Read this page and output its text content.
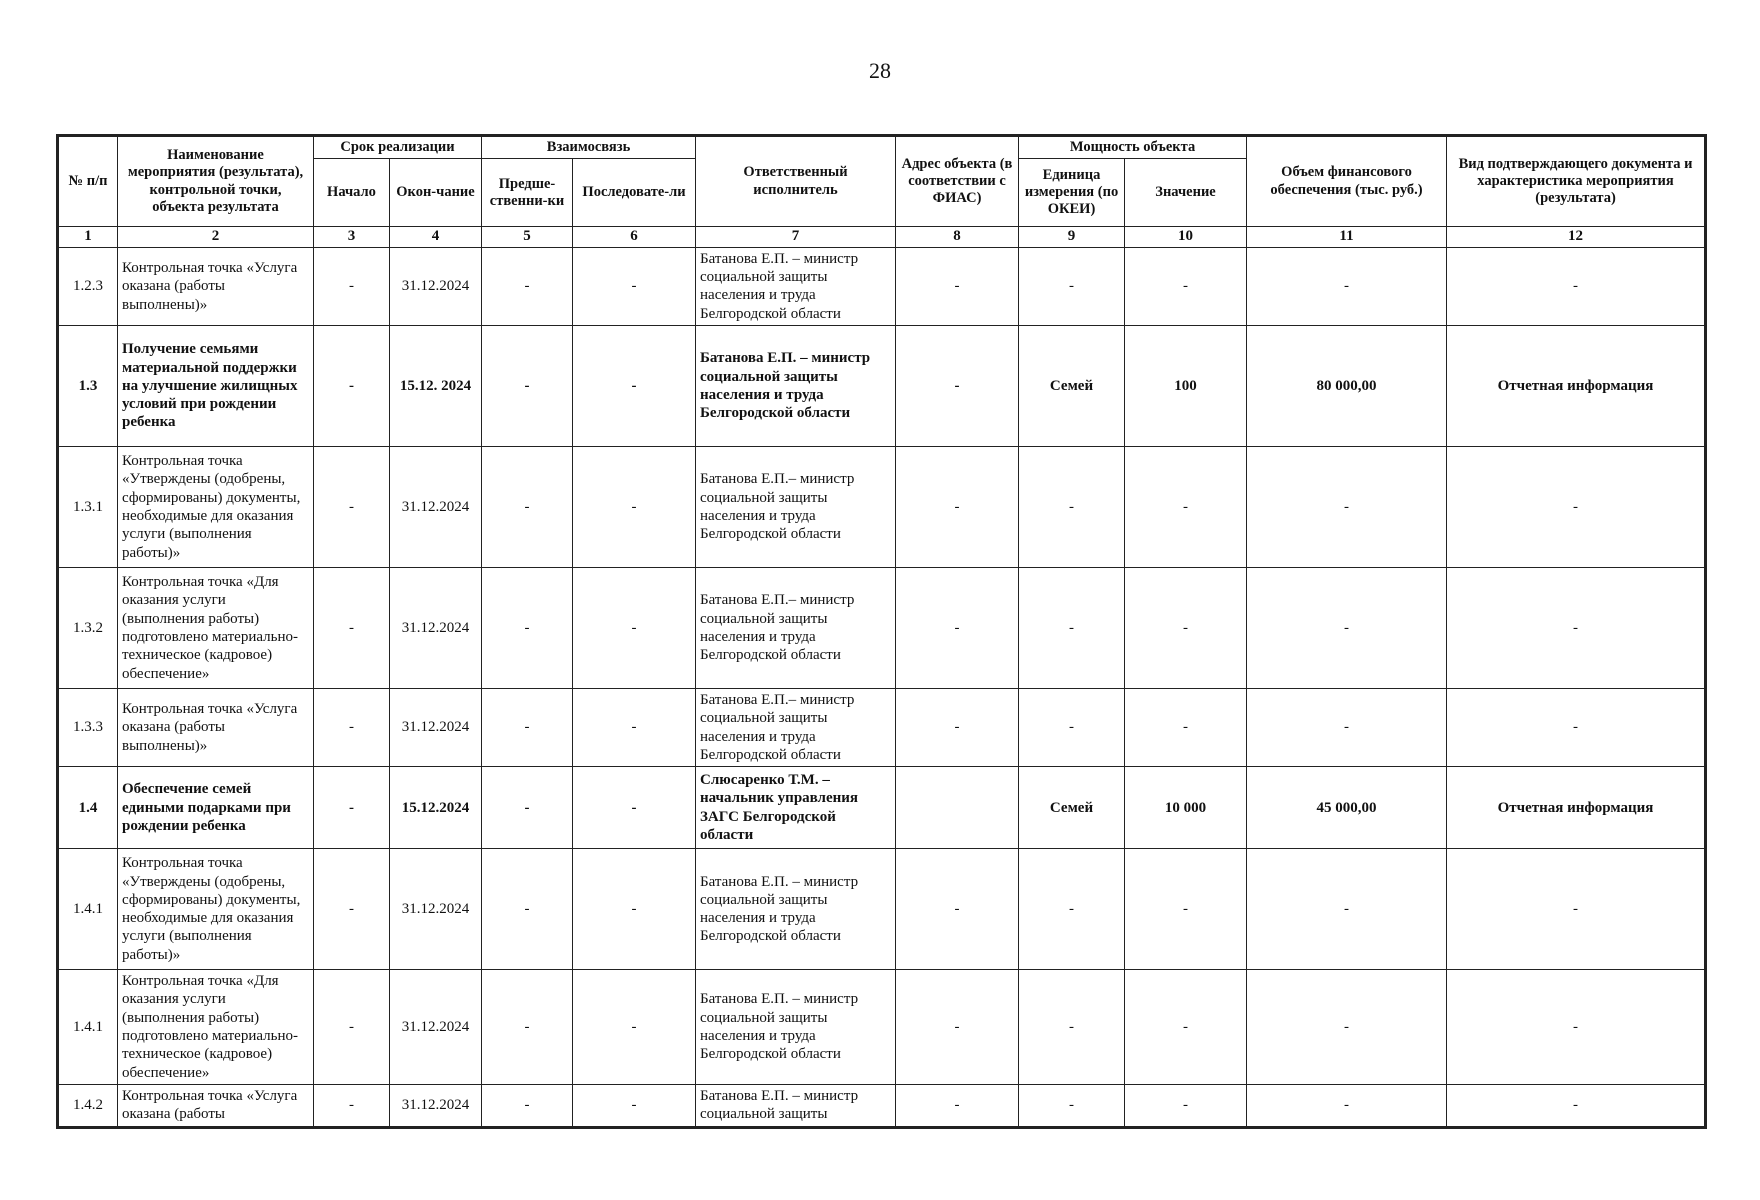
28
№ п/п	Наименование мероприятия (результата), контрольной точки, объекта результата	Срок реализации		Взаимосвязь		Ответственный исполнитель	Адрес объекта (в соответствии с ФИАС)	Мощность объекта		Объем финансового обеспечения (тыс. руб.)	Вид подтверждающего документа и характеристика мероприятия (результата)
		Начало	Окон-чание	Предше-ственни-ки	Последовате-ли			Единица измерения (по ОКЕИ)	Значение		
1	2	3	4	5	6	7	8	9	10	11	12
1.2.3	Контрольная точка «Услуга оказана (работы выполнены)»	-	31.12.2024	-	-	Батанова Е.П. – министр социальной защиты населения и труда Белгородской области	-	-	-	-	-
1.3	Получение семьями материальной поддержки на улучшение жилищных условий при рождении ребенка	-	15.12. 2024	-	-	Батанова Е.П. – министр социальной защиты населения и труда Белгородской области	-	Семей	100	80 000,00	Отчетная информация
1.3.1	Контрольная точка «Утверждены (одобрены, сформированы) документы, необходимые для оказания услуги (выполнения работы)»	-	31.12.2024	-	-	Батанова Е.П.– министр социальной защиты населения и труда Белгородской области	-	-	-	-	-
1.3.2	Контрольная точка «Для оказания услуги (выполнения работы) подготовлено материально-техническое (кадровое) обеспечение»	-	31.12.2024	-	-	Батанова Е.П.– министр социальной защиты населения и труда Белгородской области	-	-	-	-	-
1.3.3	Контрольная точка «Услуга оказана (работы выполнены)»	-	31.12.2024	-	-	Батанова Е.П.– министр социальной защиты населения и труда Белгородской области	-	-	-	-	-
1.4	Обеспечение семей едиными подарками при рождении ребенка	-	15.12.2024	-	-	Слюсаренко Т.М. – начальник управления ЗАГС Белгородской области		Семей	10 000	45 000,00	Отчетная информация
1.4.1	Контрольная точка «Утверждены (одобрены, сформированы) документы, необходимые для оказания услуги (выполнения работы)»	-	31.12.2024	-	-	Батанова Е.П. – министр социальной защиты населения и труда Белгородской области	-	-	-	-	-
1.4.1	Контрольная точка «Для оказания услуги (выполнения работы) подготовлено материально-техническое (кадровое) обеспечение»	-	31.12.2024	-	-	Батанова Е.П. – министр социальной защиты населения и труда Белгородской области	-	-	-	-	-
1.4.2	Контрольная точка «Услуга оказана (работы	-	31.12.2024	-	-	Батанова Е.П. – министр социальной защиты	-	-	-	-	-
